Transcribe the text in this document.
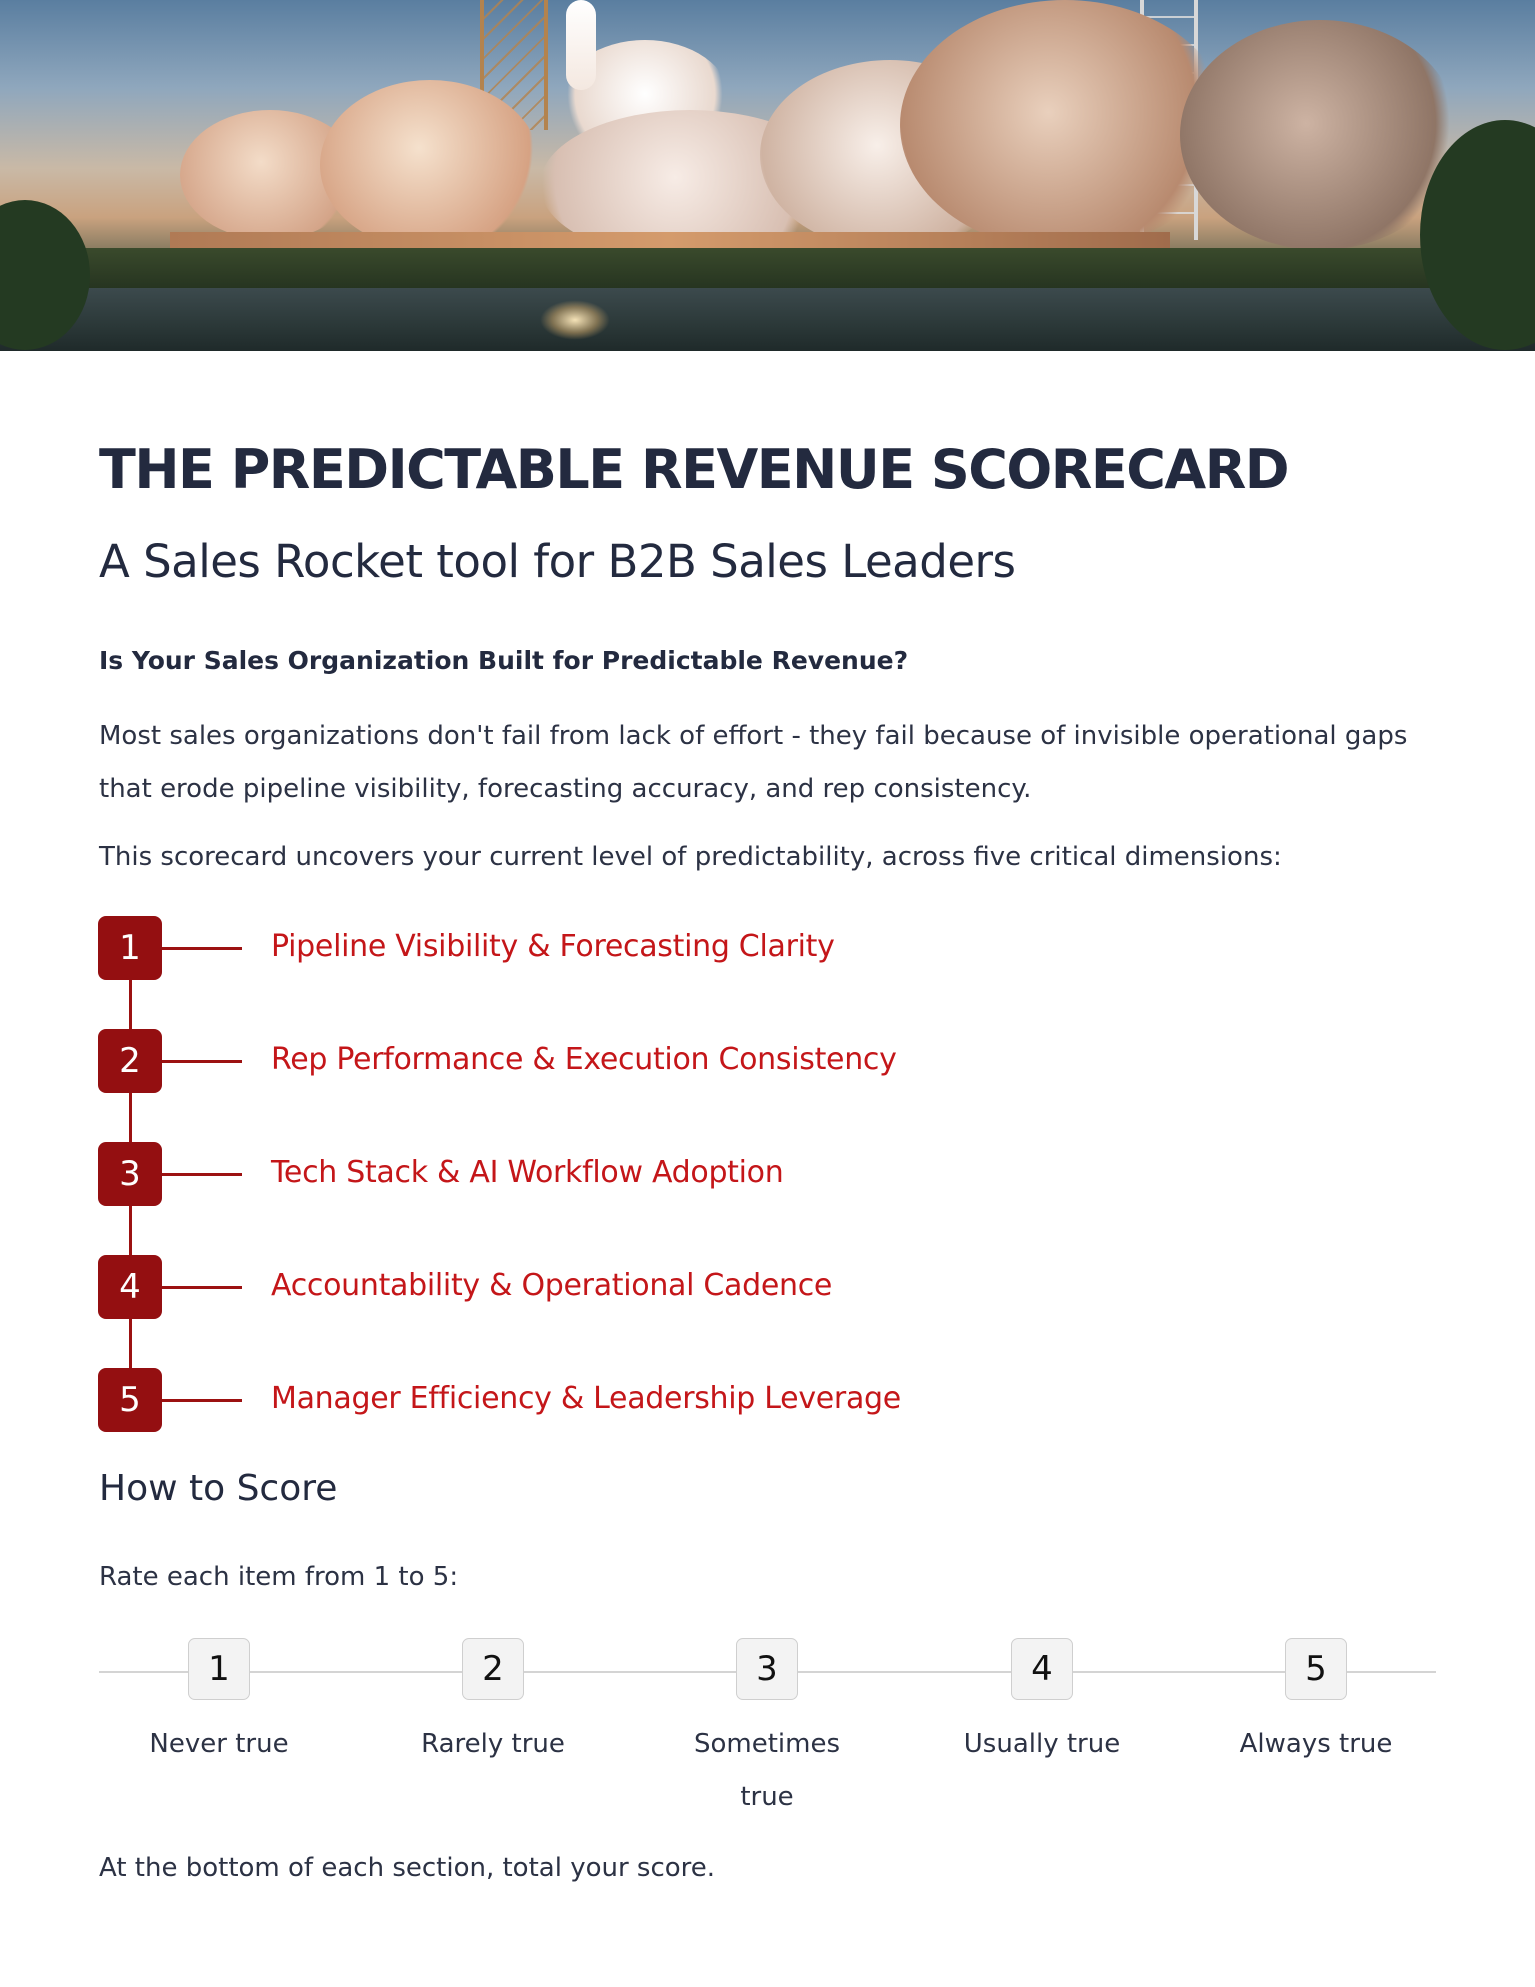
THE PREDICTABLE REVENUE SCORECARD
A Sales Rocket tool for B2B Sales Leaders

Is Your Sales Organization Built for Predictable Revenue?

Most sales organizations don't fail from lack of effort - they fail because of invisible operational gaps that erode pipeline visibility, forecasting accuracy, and rep consistency.

This scorecard uncovers your current level of predictability, across five critical dimensions:

1	Pipeline Visibility & Forecasting Clarity
2	Rep Performance & Execution Consistency
3	Tech Stack & AI Workflow Adoption
4	Accountability & Operational Cadence
5	Manager Efficiency & Leadership Leverage
How to Score

Rate each item from 1 to 5:

1
Never true
2
Rarely true
3
Sometimes true
4
Usually true
5
Always true

At the bottom of each section, total your score.
